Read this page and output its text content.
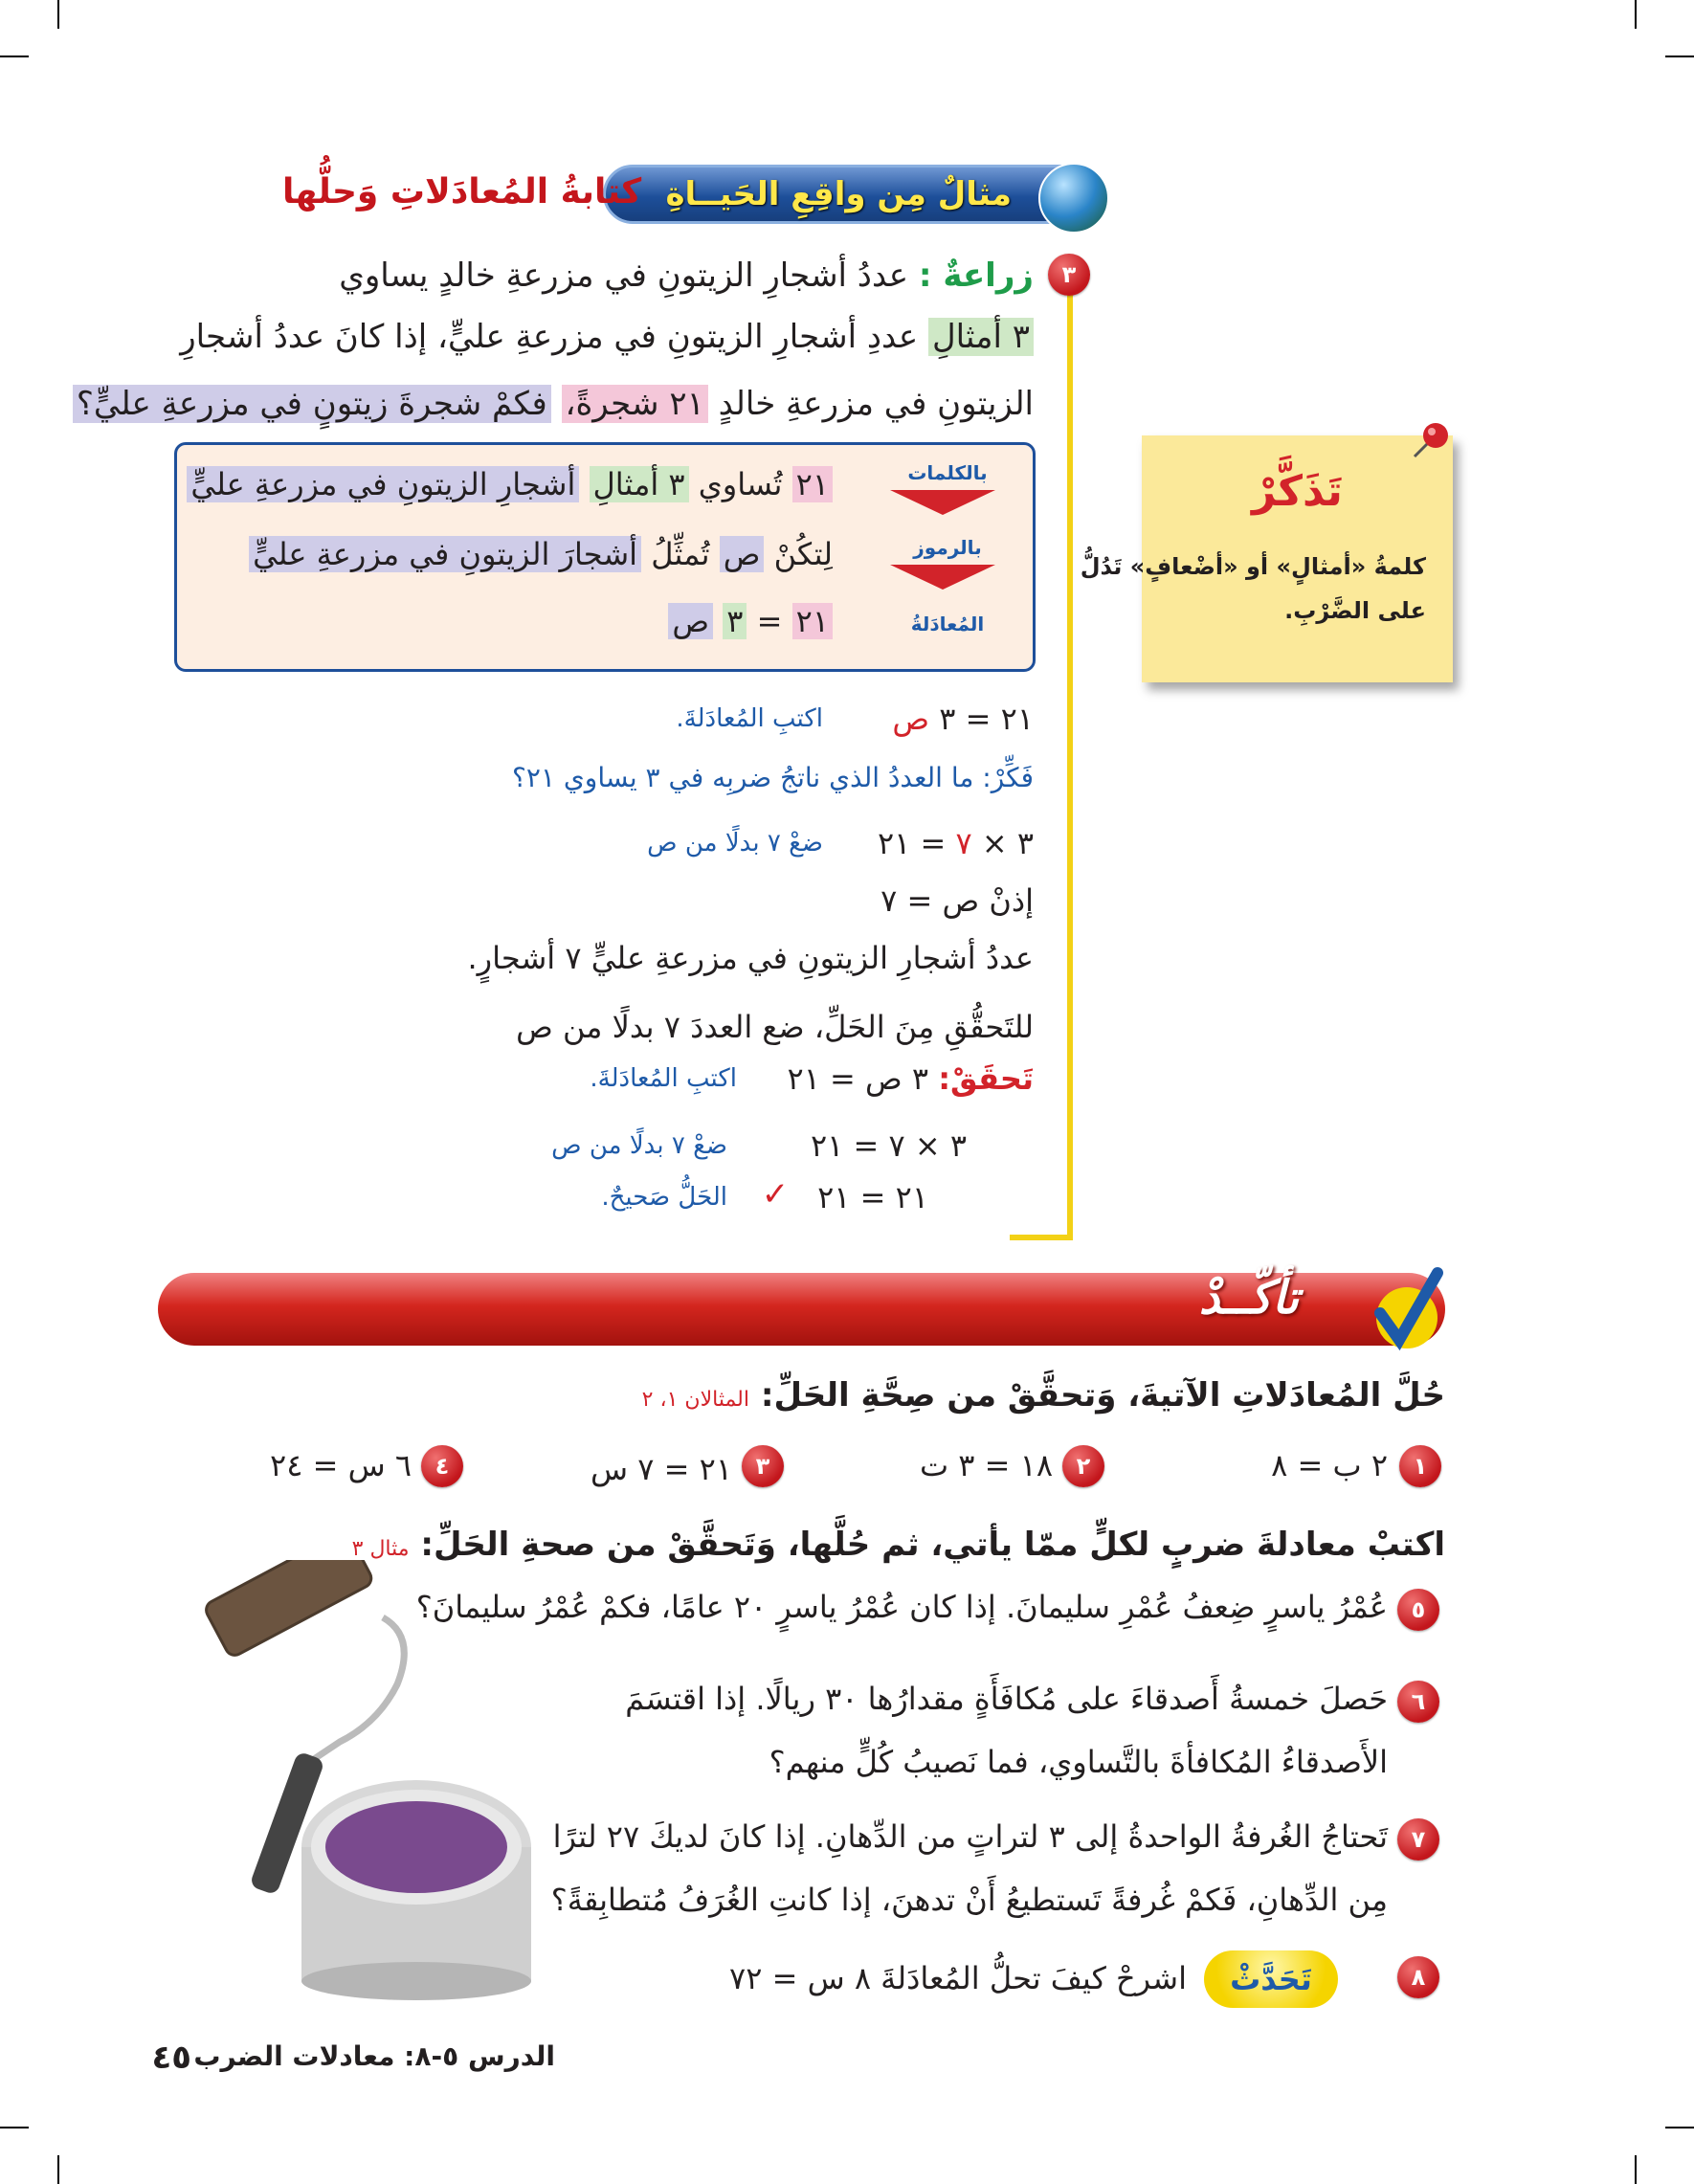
مثالٌ مِن واقِعِ الحَيــاةِ
كتابةُ المُعادَلاتِ وَحلُّها
٣
زراعةٌ : عددُ أشجارِ الزيتونِ في مزرعةِ خالدٍ يساوي
٣ أمثالِ عددِ أشجارِ الزيتونِ في مزرعةِ عليٍّ، إذا كانَ عددُ أشجارِ
الزيتونِ في مزرعةِ خالدٍ ٢١ شجرةً، فكمْ شجرةَ زيتونٍ في مزرعةِ عليٍّ؟
بالكلمات
بالرموز
المُعادَلةُ
٢١ تُساوي ٣ أمثالِ أشجارِ الزيتونِ في مزرعةِ عليٍّ
لِتكُنْ ص تُمثِّلُ أشجارَ الزيتونِ في مزرعةِ عليٍّ
٢١ = ٣ ص
٢١ = ٣ ص
اكتبِ المُعادَلةَ.
فَكِّرْ: ما العددُ الذي ناتجُ ضربِه في ٣ يساوي ٢١؟
٣ × ٧ = ٢١
ضعْ ٧ بدلًا من ص
إذنْ ص = ٧
عددُ أشجارِ الزيتونِ في مزرعةِ عليٍّ ٧ أشجارٍ.
للتَحقُّقِ مِنَ الحَلِّ، ضع العددَ ٧ بدلًا من ص
تَحقَقْ: ٣ ص = ٢١
اكتبِ المُعادَلةَ.
٣ × ٧ = ٢١
ضعْ ٧ بدلًا من ص
٢١ = ٢١
✓
الحَلُّ صَحيحٌ.
تَذَكَّرْ
كلمةُ «أمثالٍ» أو «أضْعافٍ» تَدُلُّ
على الضَّرْبِ.
تأكّــدْ
حُلَّ المُعادَلاتِ الآتيةَ، وَتحقَّقْ من صِحَّةِ الحَلِّ: المثالان ١، ٢
١
٢ ب = ٨
٢
١٨ = ٣ ت
٣
٢١ = ٧ س
٤
٦ س = ٢٤
اكتبْ معادلةَ ضربٍ لكلٍّ ممّا يأتي، ثم حُلَّها، وَتَحقَّقْ من صحةِ الحَلِّ: مثال ٣
٥
عُمْرُ ياسرٍ ضِعفُ عُمْرِ سليمانَ. إذا كان عُمْرُ ياسرٍ ٢٠ عامًا، فكمْ عُمْرُ سليمانَ؟
٦
حَصلَ خمسةُ أَصدقاءَ على مُكافَأَةٍ مقدارُها ٣٠ ريالًا. إذا اقتسَمَ
الأَصدقاءُ المُكافأةَ بالتَّساوي، فما نَصيبُ كُلٍّ منهم؟
٧
تَحتاجُ الغُرفةُ الواحدةُ إلى ٣ لتراتٍ من الدِّهانِ. إذا كانَ لديكَ ٢٧ لترًا
مِن الدِّهانِ، فَكمْ غُرفةً تَستطيعُ أَنْ تدهنَ، إذا كانتِ الغُرَفُ مُتطابِقةً؟
٨
تَحَدَّثْ
اشرحْ كيفَ تحلُّ المُعادَلةَ ٨ س = ٧٢
٤٥ الدرس ٥-٨: معادلات الضرب
